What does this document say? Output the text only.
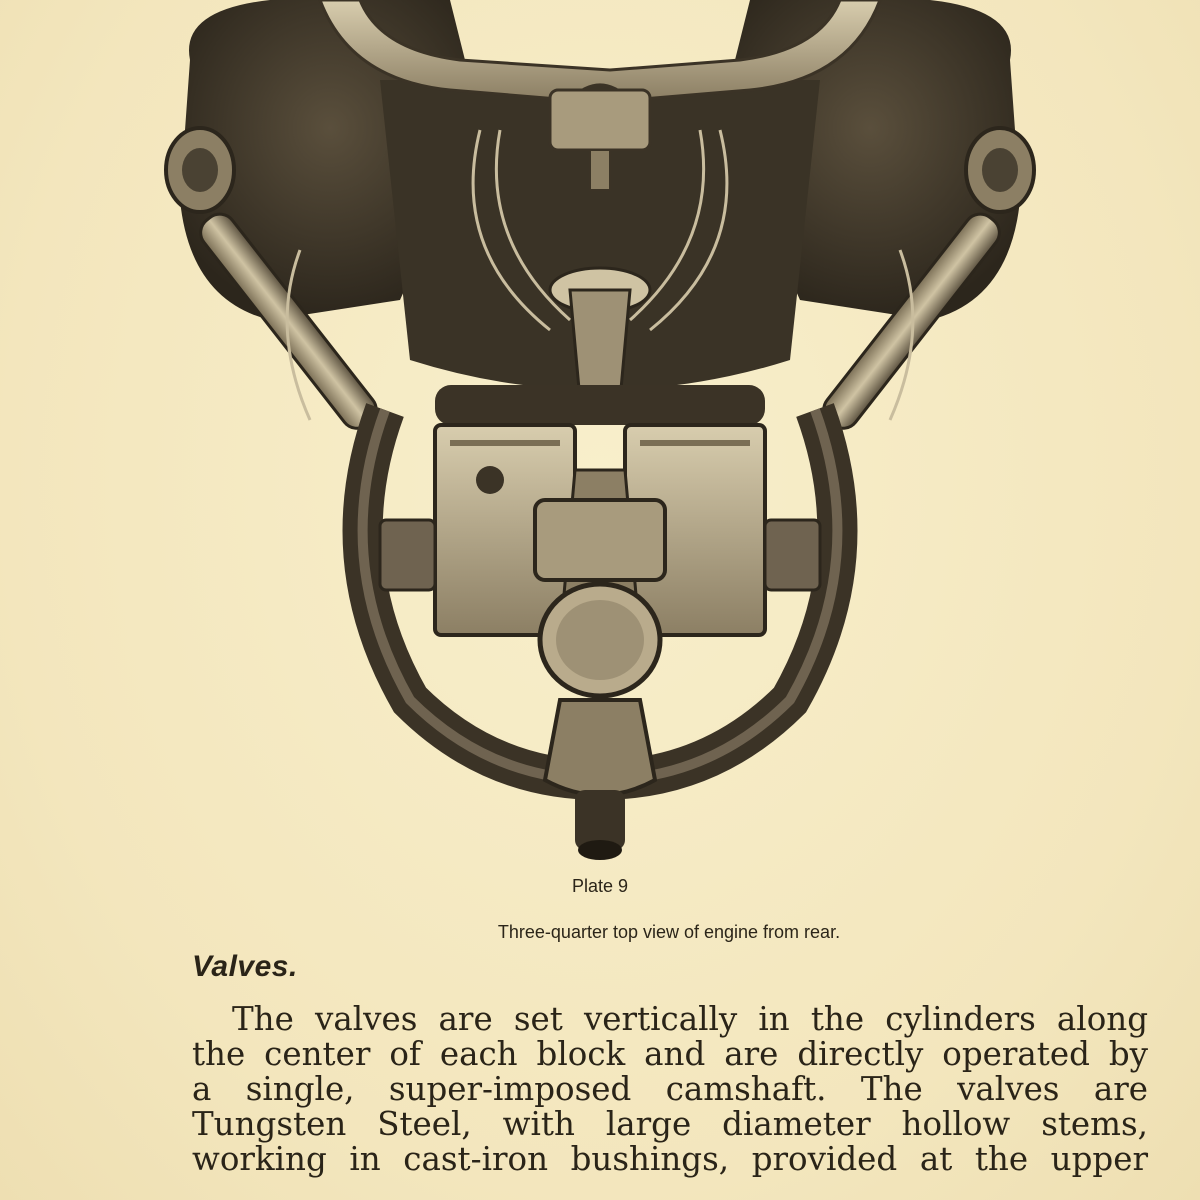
Plate 9
Three-quarter top view of engine from rear.
Valves.
The valves are set vertically in the cylinders along
the center of each block and are directly operated by
a single, super-imposed camshaft. The valves are
Tungsten Steel, with large diameter hollow stems,
working in cast-iron bushings, provided at the upper
